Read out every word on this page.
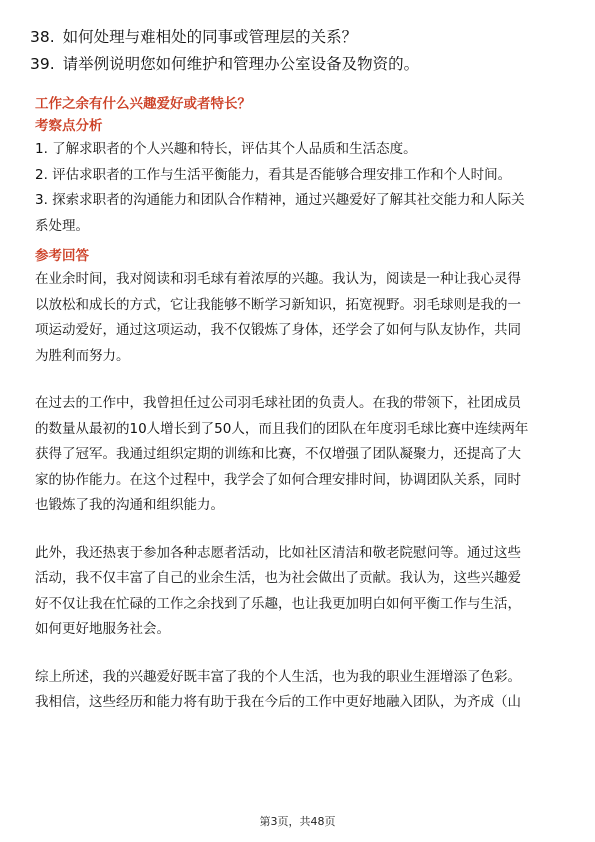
38. 如何处理与难相处的同事或管理层的关系？
39. 请举例说明您如何维护和管理办公室设备及物资的。
工作之余有什么兴趣爱好或者特长？
考察点分析
1. 了解求职者的个人兴趣和特长，评估其个人品质和生活态度。
2. 评估求职者的工作与生活平衡能力，看其是否能够合理安排工作和个人时间。
3. 探索求职者的沟通能力和团队合作精神，通过兴趣爱好了解其社交能力和人际关
系处理。
参考回答
在业余时间，我对阅读和羽毛球有着浓厚的兴趣。我认为，阅读是一种让我心灵得
以放松和成长的方式，它让我能够不断学习新知识，拓宽视野。羽毛球则是我的一
项运动爱好，通过这项运动，我不仅锻炼了身体，还学会了如何与队友协作，共同
为胜利而努力。
在过去的工作中，我曾担任过公司羽毛球社团的负责人。在我的带领下，社团成员
的数量从最初的10人增长到了50人，而且我们的团队在年度羽毛球比赛中连续两年
获得了冠军。我通过组织定期的训练和比赛，不仅增强了团队凝聚力，还提高了大
家的协作能力。在这个过程中，我学会了如何合理安排时间，协调团队关系，同时
也锻炼了我的沟通和组织能力。
此外，我还热衷于参加各种志愿者活动，比如社区清洁和敬老院慰问等。通过这些
活动，我不仅丰富了自己的业余生活，也为社会做出了贡献。我认为，这些兴趣爱
好不仅让我在忙碌的工作之余找到了乐趣，也让我更加明白如何平衡工作与生活，
如何更好地服务社会。
综上所述，我的兴趣爱好既丰富了我的个人生活，也为我的职业生涯增添了色彩。
我相信，这些经历和能力将有助于我在今后的工作中更好地融入团队，为齐成（山
第3页，共48页
